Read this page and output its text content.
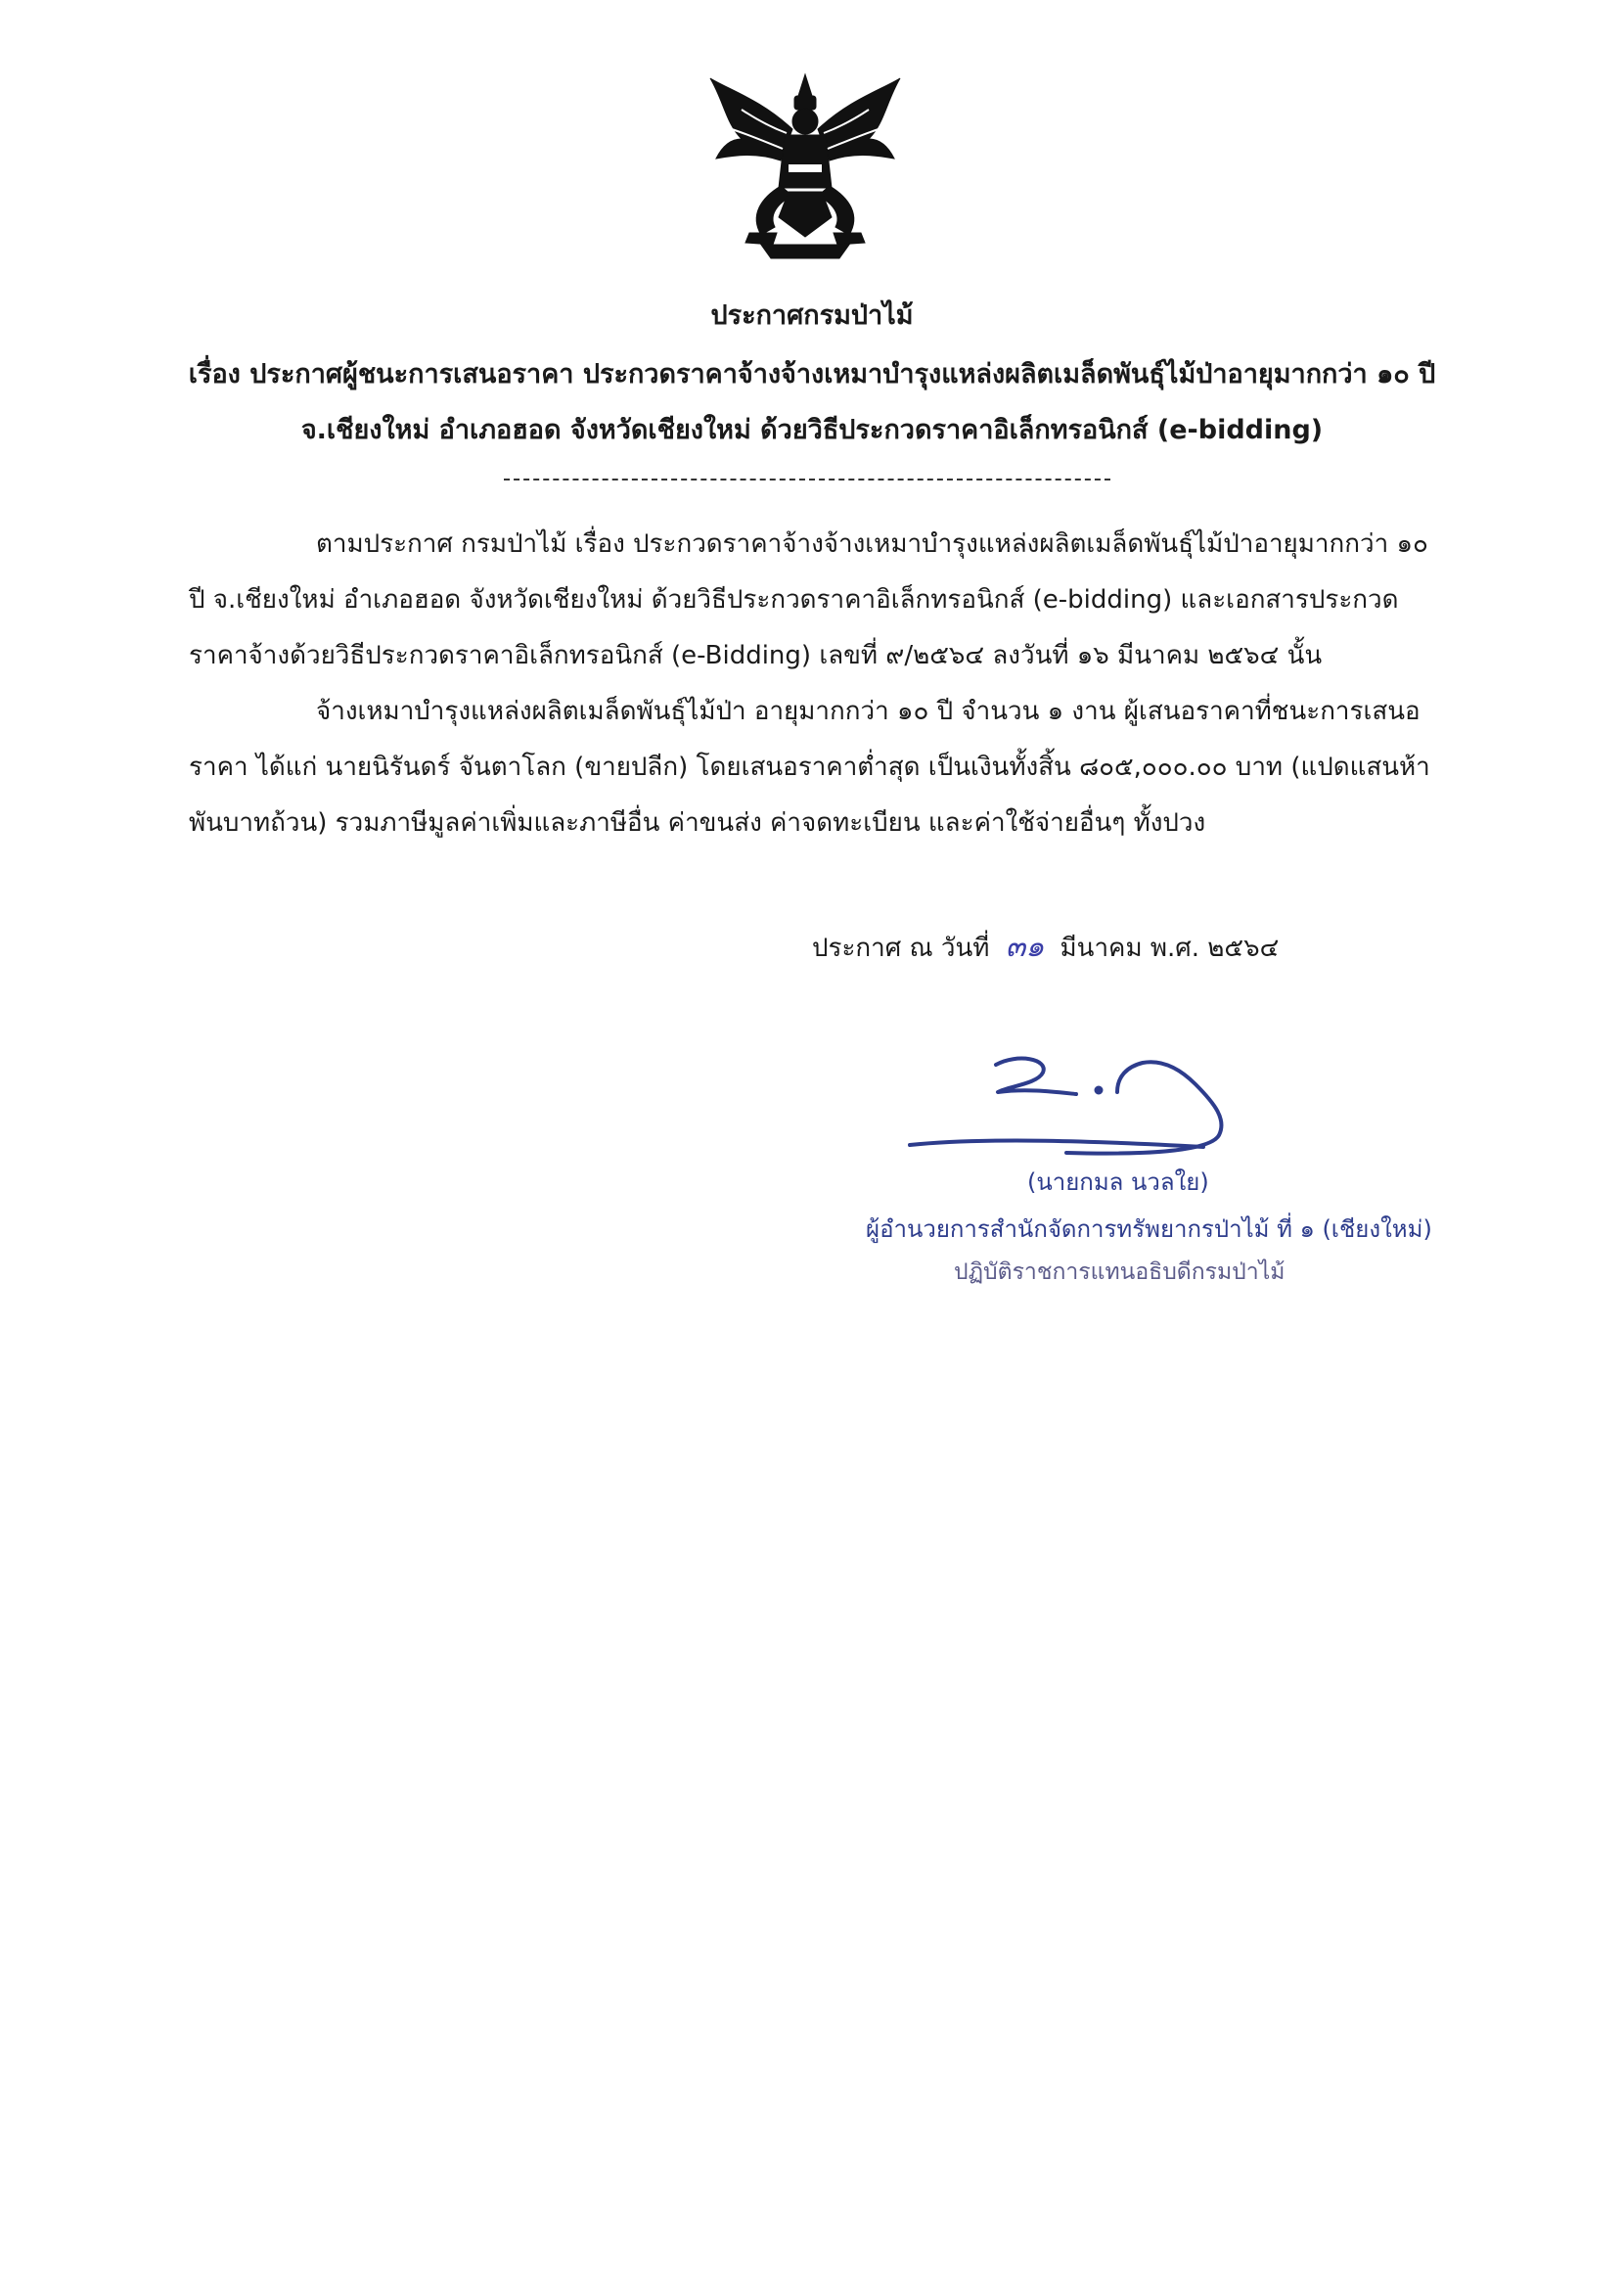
ประกาศกรมป่าไม้
เรื่อง ประกาศผู้ชนะการเสนอราคา ประกวดราคาจ้างจ้างเหมาบำรุงแหล่งผลิตเมล็ดพันธุ์ไม้ป่าอายุมากกว่า ๑๐ ปี
จ.เชียงใหม่ อำเภอฮอด จังหวัดเชียงใหม่ ด้วยวิธีประกวดราคาอิเล็กทรอนิกส์ (e-bidding)
ตามประกาศ กรมป่าไม้ เรื่อง ประกวดราคาจ้างจ้างเหมาบำรุงแหล่งผลิตเมล็ดพันธุ์ไม้ป่าอายุมากกว่า ๑๐
ปี จ.เชียงใหม่ อำเภอฮอด จังหวัดเชียงใหม่ ด้วยวิธีประกวดราคาอิเล็กทรอนิกส์ (e-bidding) และเอกสารประกวด
ราคาจ้างด้วยวิธีประกวดราคาอิเล็กทรอนิกส์ (e-Bidding) เลขที่ ๙/๒๕๖๔ ลงวันที่ ๑๖ มีนาคม ๒๕๖๔ นั้น
จ้างเหมาบำรุงแหล่งผลิตเมล็ดพันธุ์ไม้ป่า อายุมากกว่า ๑๐ ปี จำนวน ๑ งาน ผู้เสนอราคาที่ชนะการเสนอ
ราคา ได้แก่ นายนิรันดร์ จันตาโลก (ขายปลีก) โดยเสนอราคาต่ำสุด เป็นเงินทั้งสิ้น ๘๐๕,๐๐๐.๐๐ บาท (แปดแสนห้า
พันบาทถ้วน) รวมภาษีมูลค่าเพิ่มและภาษีอื่น ค่าขนส่ง ค่าจดทะเบียน และค่าใช้จ่ายอื่นๆ ทั้งปวง
ประกาศ ณ วันที่ ๓๑ มีนาคม พ.ศ. ๒๕๖๔
(นายกมล นวลใย)
ผู้อำนวยการสำนักจัดการทรัพยากรป่าไม้ ที่ ๑ (เชียงใหม่)
ปฏิบัติราชการแทนอธิบดีกรมป่าไม้
